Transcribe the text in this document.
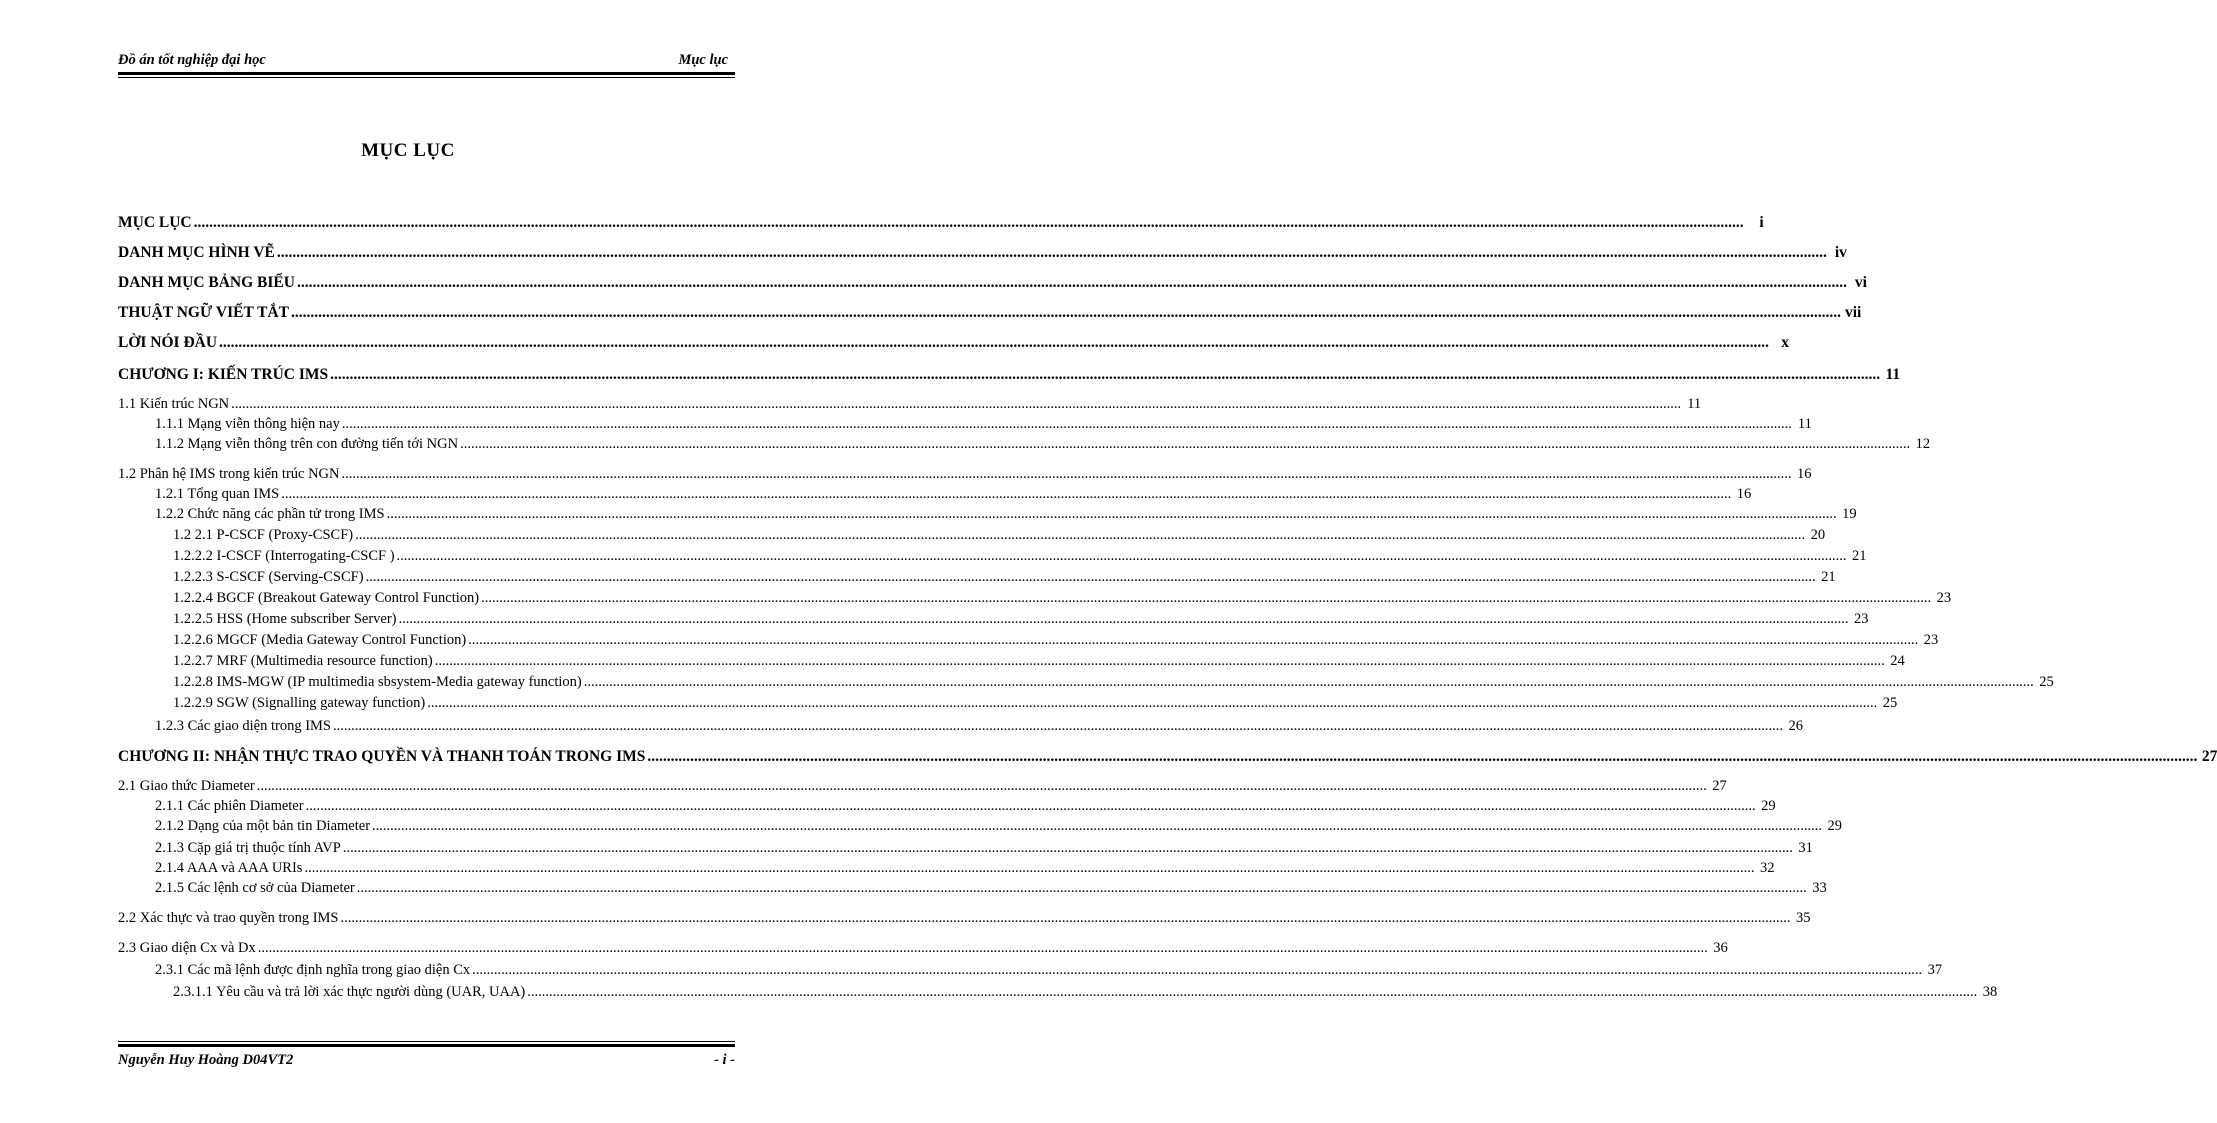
Đồ án tốt nghiệp đại học	Mục lục
MỤC LỤC
MỤC LỤC ................................................................................................................................................................................................................................................................................................................................................................................................................	i
DANH MỤC HÌNH VẼ ................................................................................................................................................................................................................................................................................................................................................................................................................ iv
DANH MỤC BẢNG BIỂU ................................................................................................................................................................................................................................................................................................................................................................................................................ vi
THUẬT NGỮ VIẾT TẮT ................................................................................................................................................................................................................................................................................................................................................................................................................ vii
LỜI NÓI ĐẦU ................................................................................................................................................................................................................................................................................................................................................................................................................ x
CHƯƠNG I: KIẾN TRÚC IMS ................................................................................................................................................................................................................................................................................................................................................................................................................ 11
1.1 Kiến trúc NGN ................................................................................................................................................................................................................................................................................................................................................................................................................ 11
1.1.1 Mạng viễn thông hiện nay ................................................................................................................................................................................................................................................................................................................................................................................................................ 11
1.1.2 Mạng viễn thông trên con đường tiến tới NGN ................................................................................................................................................................................................................................................................................................................................................................................................................ 12
1.2 Phân hệ IMS trong kiến trúc NGN ................................................................................................................................................................................................................................................................................................................................................................................................................ 16
1.2.1 Tổng quan IMS ................................................................................................................................................................................................................................................................................................................................................................................................................ 16
1.2.2 Chức năng các phần tử trong IMS ................................................................................................................................................................................................................................................................................................................................................................................................................ 19
1.2 2.1 P-CSCF (Proxy-CSCF) ................................................................................................................................................................................................................................................................................................................................................................................................................ 20
1.2.2.2 I-CSCF (Interrogating-CSCF ) ................................................................................................................................................................................................................................................................................................................................................................................................................ 21
1.2.2.3 S-CSCF (Serving-CSCF) ................................................................................................................................................................................................................................................................................................................................................................................................................ 21
1.2.2.4 BGCF (Breakout Gateway Control Function) ................................................................................................................................................................................................................................................................................................................................................................................................................ 23
1.2.2.5 HSS (Home subscriber Server) ................................................................................................................................................................................................................................................................................................................................................................................................................ 23
1.2.2.6 MGCF (Media Gateway Control Function) ................................................................................................................................................................................................................................................................................................................................................................................................................ 23
1.2.2.7 MRF (Multimedia resource function) ................................................................................................................................................................................................................................................................................................................................................................................................................ 24
1.2.2.8 IMS-MGW (IP multimedia sbsystem-Media gateway function) ................................................................................................................................................................................................................................................................................................................................................................................................................ 25
1.2.2.9 SGW (Signalling gateway function) ................................................................................................................................................................................................................................................................................................................................................................................................................ 25
1.2.3 Các giao diện trong IMS ................................................................................................................................................................................................................................................................................................................................................................................................................ 26
CHƯƠNG II: NHẬN THỰC TRAO QUYỀN VÀ THANH TOÁN TRONG IMS ................................................................................................................................................................................................................................................................................................................................................................................................................ 27
2.1 Giao thức Diameter ................................................................................................................................................................................................................................................................................................................................................................................................................ 27
2.1.1 Các phiên Diameter ................................................................................................................................................................................................................................................................................................................................................................................................................ 29
2.1.2 Dạng của một bản tin Diameter ................................................................................................................................................................................................................................................................................................................................................................................................................ 29
2.1.3 Cặp giá trị thuộc tính AVP ................................................................................................................................................................................................................................................................................................................................................................................................................ 31
2.1.4 AAA và AAA URIs ................................................................................................................................................................................................................................................................................................................................................................................................................ 32
2.1.5 Các lệnh cơ sở của Diameter ................................................................................................................................................................................................................................................................................................................................................................................................................ 33
2.2 Xác thực và trao quyền trong IMS ................................................................................................................................................................................................................................................................................................................................................................................................................ 35
2.3 Giao diện Cx và Dx ................................................................................................................................................................................................................................................................................................................................................................................................................ 36
2.3.1 Các mã lệnh được định nghĩa trong giao diện Cx ................................................................................................................................................................................................................................................................................................................................................................................................................ 37
2.3.1.1 Yêu cầu và trả lời xác thực người dùng (UAR, UAA) ................................................................................................................................................................................................................................................................................................................................................................................................................ 38
Nguyễn Huy Hoàng D04VT2	- i -
